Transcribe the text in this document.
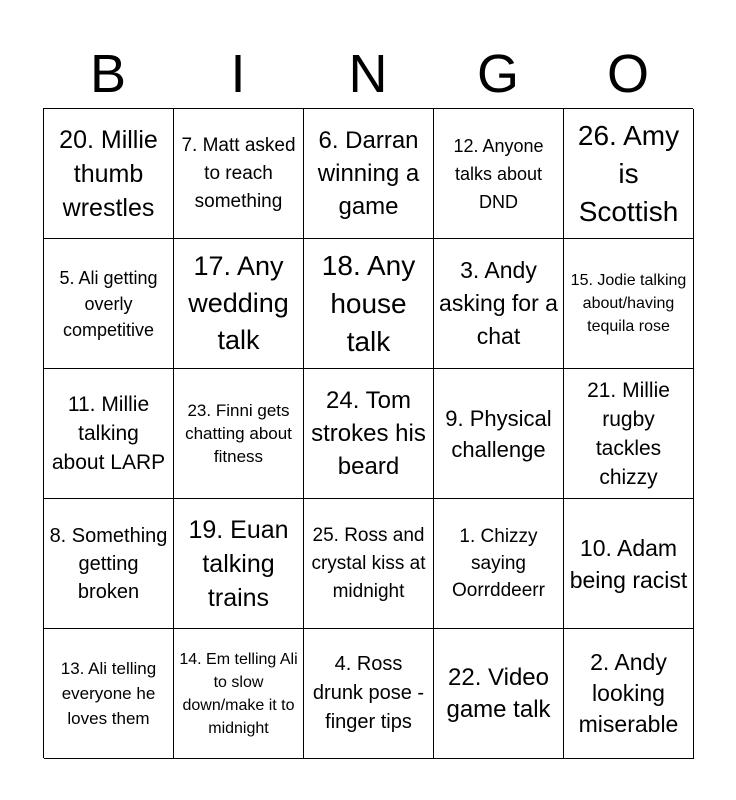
B	I	N	G	O
20. Millie thumb wrestles
7. Matt asked to reach something
6. Darran winning a game
12. Anyone talks about DND
26. Amy is Scottish
5. Ali getting overly competitive
17. Any wedding talk
18. Any house talk
3. Andy asking for a chat
15. Jodie talking about/having tequila rose
11. Millie talking about LARP
23. Finni gets chatting about fitness
24. Tom strokes his beard
9. Physical challenge
21. Millie rugby tackles chizzy
8. Something getting broken
19. Euan talking trains
25. Ross and crystal kiss at midnight
1. Chizzy saying Oorrddeerr
10. Adam being racist
13. Ali telling everyone he loves them
14. Em telling Ali to slow down/make it to midnight
4. Ross drunk pose - finger tips
22. Video game talk
2. Andy looking miserable
